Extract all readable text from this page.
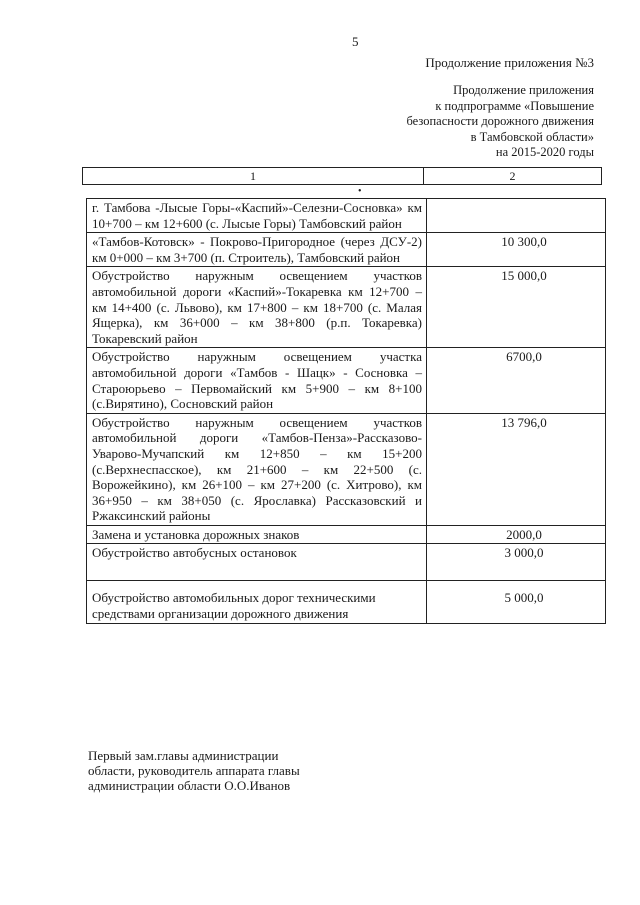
5
Продолжение приложения №3
Продолжение приложения
к подпрограмме «Повышение
безопасности дорожного движения
в Тамбовской области»
на 2015-2020 годы
1	2
•
г. Тамбова -Лысые Горы-«Каспий»-Селезни-Сосновка» км 10+700 – км 12+600 (с. Лысые Горы) Тамбовский район	
«Тамбов-Котовск» - Покрово-Пригородное (через ДСУ-2) км 0+000 – км 3+700 (п. Строитель), Тамбовский район	10 300,0
Обустройство наружным освещением участков автомобильной дороги «Каспий»-Токаревка км 12+700 – км 14+400 (с. Львово), км 17+800 – км 18+700 (с. Малая Ящерка), км 36+000 – км 38+800 (р.п. Токаревка) Токаревский район	15 000,0
Обустройство наружным освещением участка автомобильной дороги «Тамбов - Шацк» - Сосновка – Староюрьево – Первомайский км 5+900 – км 8+100 (с.Вирятино), Сосновский район	6700,0
Обустройство наружным освещением участков автомобильной дороги «Тамбов-Пенза»-Рассказово-Уварово-Мучапский км 12+850 – км 15+200 (с.Верхнеспасское), км 21+600 – км 22+500 (с. Ворожейкино), км 26+100 – км 27+200 (с. Хитрово), км 36+950 – км 38+050 (с. Ярославка) Рассказовский и Ржаксинский районы	13 796,0
Замена и установка дорожных знаков	2000,0
Обустройство автобусных остановок	3 000,0
Обустройство автомобильных дорог техническими средствами организации дорожного движения	5 000,0
Первый зам.главы администрации
области, руководитель аппарата главы
администрации области О.О.Иванов
